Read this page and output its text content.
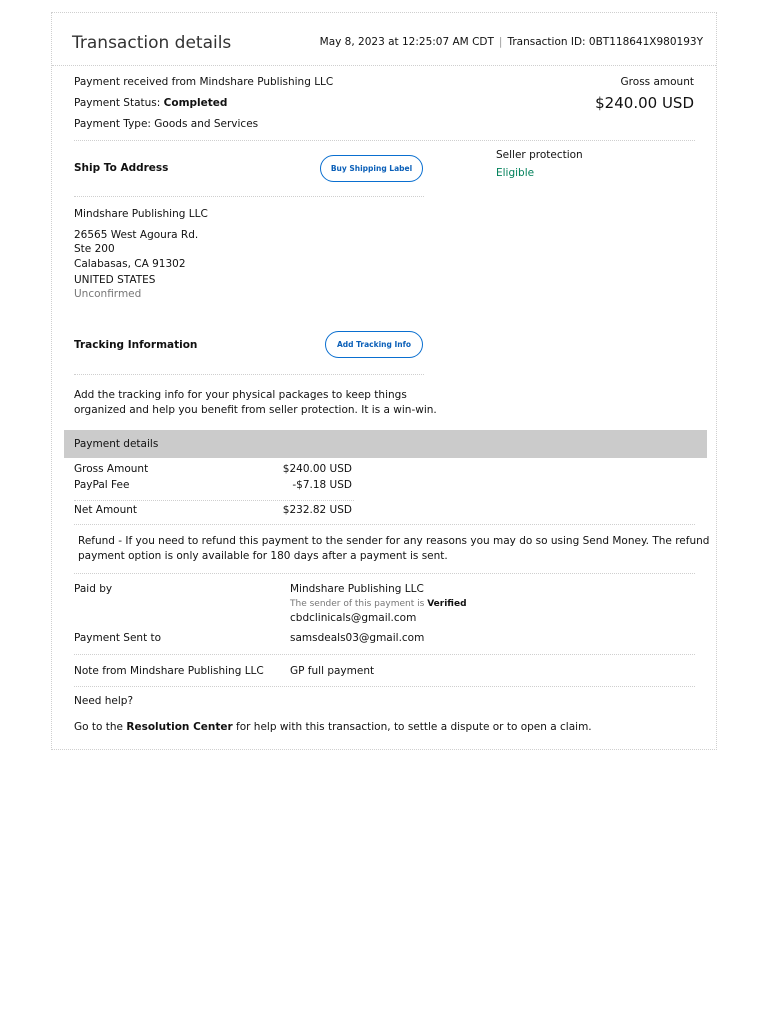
Transaction details	May 8, 2023 at 12:25:07 AM CDT | Transaction ID: 0BT118641X980193Y
Payment received from Mindshare Publishing LLC
Payment Status: Completed
Payment Type: Goods and Services
Gross amount
$240.00 USD
Ship To Address	Buy Shipping Label
Mindshare Publishing LLC
26565 West Agoura Rd.
Ste 200
Calabasas, CA 91302
UNITED STATES
Unconfirmed
Seller protection
Eligible
Tracking Information	Add Tracking Info
Add the tracking info for your physical packages to keep things
organized and help you benefit from seller protection. It is a win-win.
Payment details
Gross Amount	$240.00 USD
PayPal Fee	-$7.18 USD
Net Amount	$232.82 USD
Refund - If you need to refund this payment to the sender for any reasons you may do so using Send Money. The refund
payment option is only available for 180 days after a payment is sent.
Paid by	Mindshare Publishing LLC
The sender of this payment is Verified
cbdclinicals@gmail.com
Payment Sent to	samsdeals03@gmail.com
Note from Mindshare Publishing LLC	GP full payment
Need help?
Go to the Resolution Center for help with this transaction, to settle a dispute or to open a claim.
